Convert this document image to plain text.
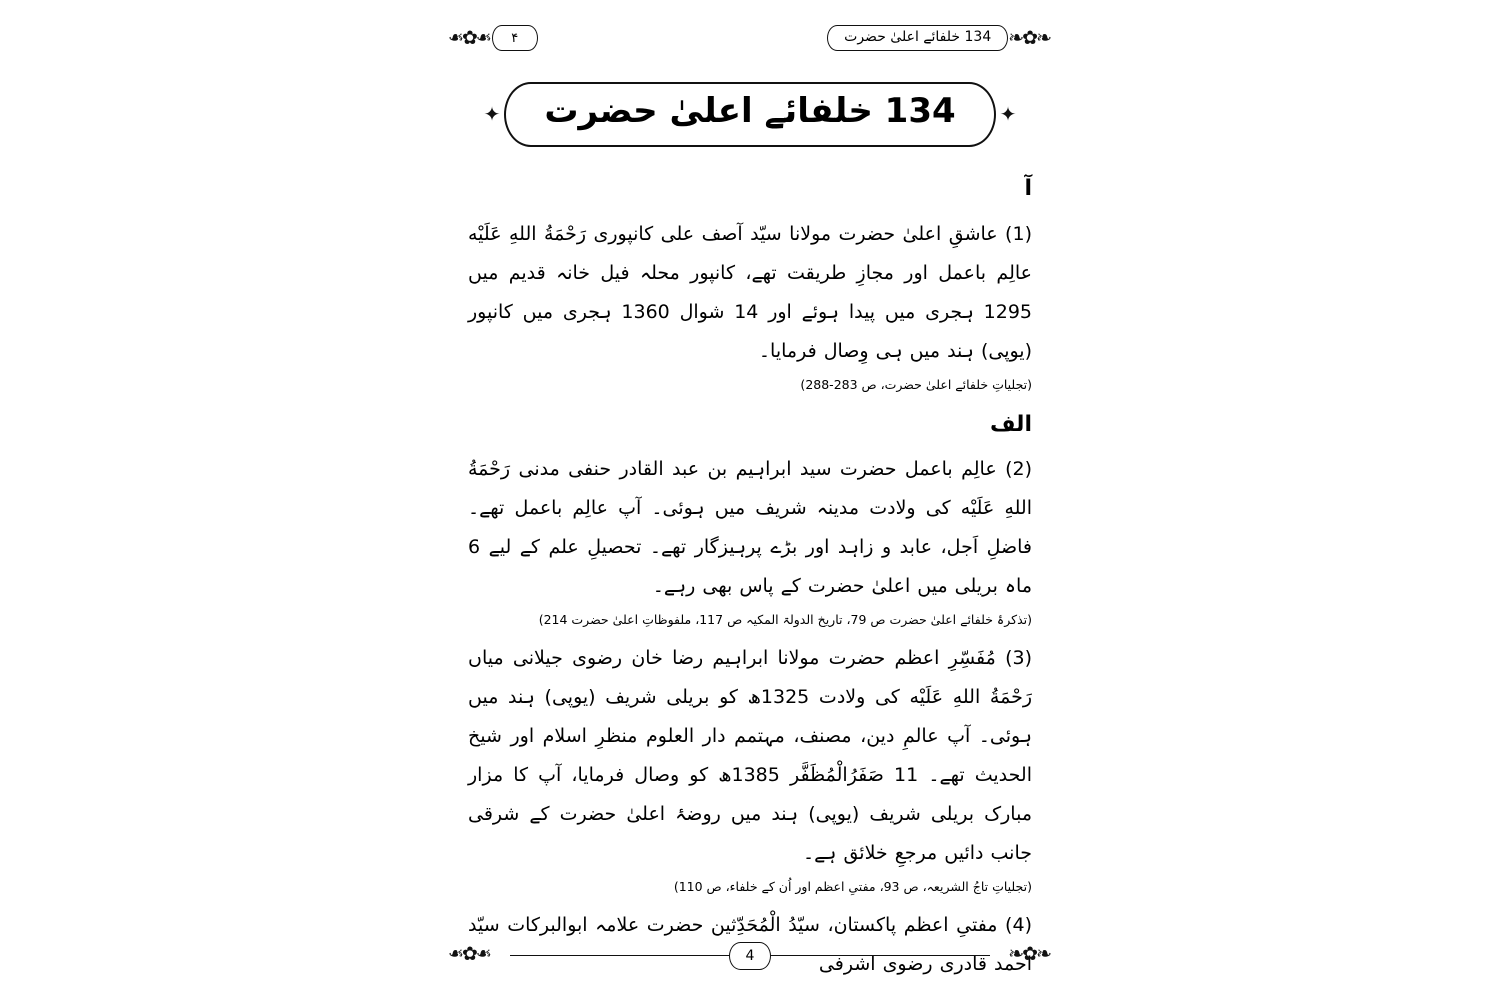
❧✿❧
134 خلفائے اعلیٰ حضرت
۴
❧✿❧
✦
134 خلفائے اعلیٰ حضرت
✦
آ

(1) عاشقِ اعلیٰ حضرت مولانا سیّد آصف علی کانپوری رَحْمَةُ اللهِ عَلَيْه عالِم باعمل اور مجازِ طریقت تھے، کانپور محلہ فیل خانہ قدیم میں 1295 ہجری میں پیدا ہوئے اور 14 شوال 1360 ہجری میں کانپور (یوپی) ہند میں ہی وِصال فرمایا۔

(تجلیاتِ خلفائے اعلیٰ حضرت، ص 283-288)

الف

(2) عالِم باعمل حضرت سید ابراہیم بن عبد القادر حنفی مدنی رَحْمَةُ اللهِ عَلَيْه کی ولادت مدینہ شریف میں ہوئی۔ آپ عالِم باعمل تھے۔ فاضلِ اَجل، عابد و زاہد اور بڑے پرہیزگار تھے۔ تحصیلِ علم کے لیے 6 ماہ بریلی میں اعلیٰ حضرت کے پاس بھی رہے۔

(تذکرۂ خلفائے اعلیٰ حضرت ص 79، تاریخ الدولۃ المکیہ ص 117، ملفوظاتِ اعلیٰ حضرت 214)

(3) مُفَسِّرِ اعظم حضرت مولانا ابراہیم رضا خان رضوی جیلانی میاں رَحْمَةُ اللهِ عَلَيْه کی ولادت 1325ھ کو بریلی شریف (یوپی) ہند میں ہوئی۔ آپ عالمِ دین، مصنف، مہتمم دار العلوم منظرِ اسلام اور شیخ الحدیث تھے۔ 11 صَفَرُالْمُظَفَّر 1385ھ کو وصال فرمایا، آپ کا مزار مبارک بریلی شریف (یوپی) ہند میں روضۂ اعلیٰ حضرت کے شرقی جانب دائیں مرجعِ خلائق ہے۔

(تجلیاتِ تاجُ الشریعہ، ص 93، مفتیِ اعظم اور اُن کے خلفاء، ص 110)

(4) مفتیِ اعظم پاکستان، سیّدُ الْمُحَدِّثین حضرت علامہ ابوالبرکات سیّد احمد قادری رضوی اشرفی

❧✿❧
❧✿❧	4
